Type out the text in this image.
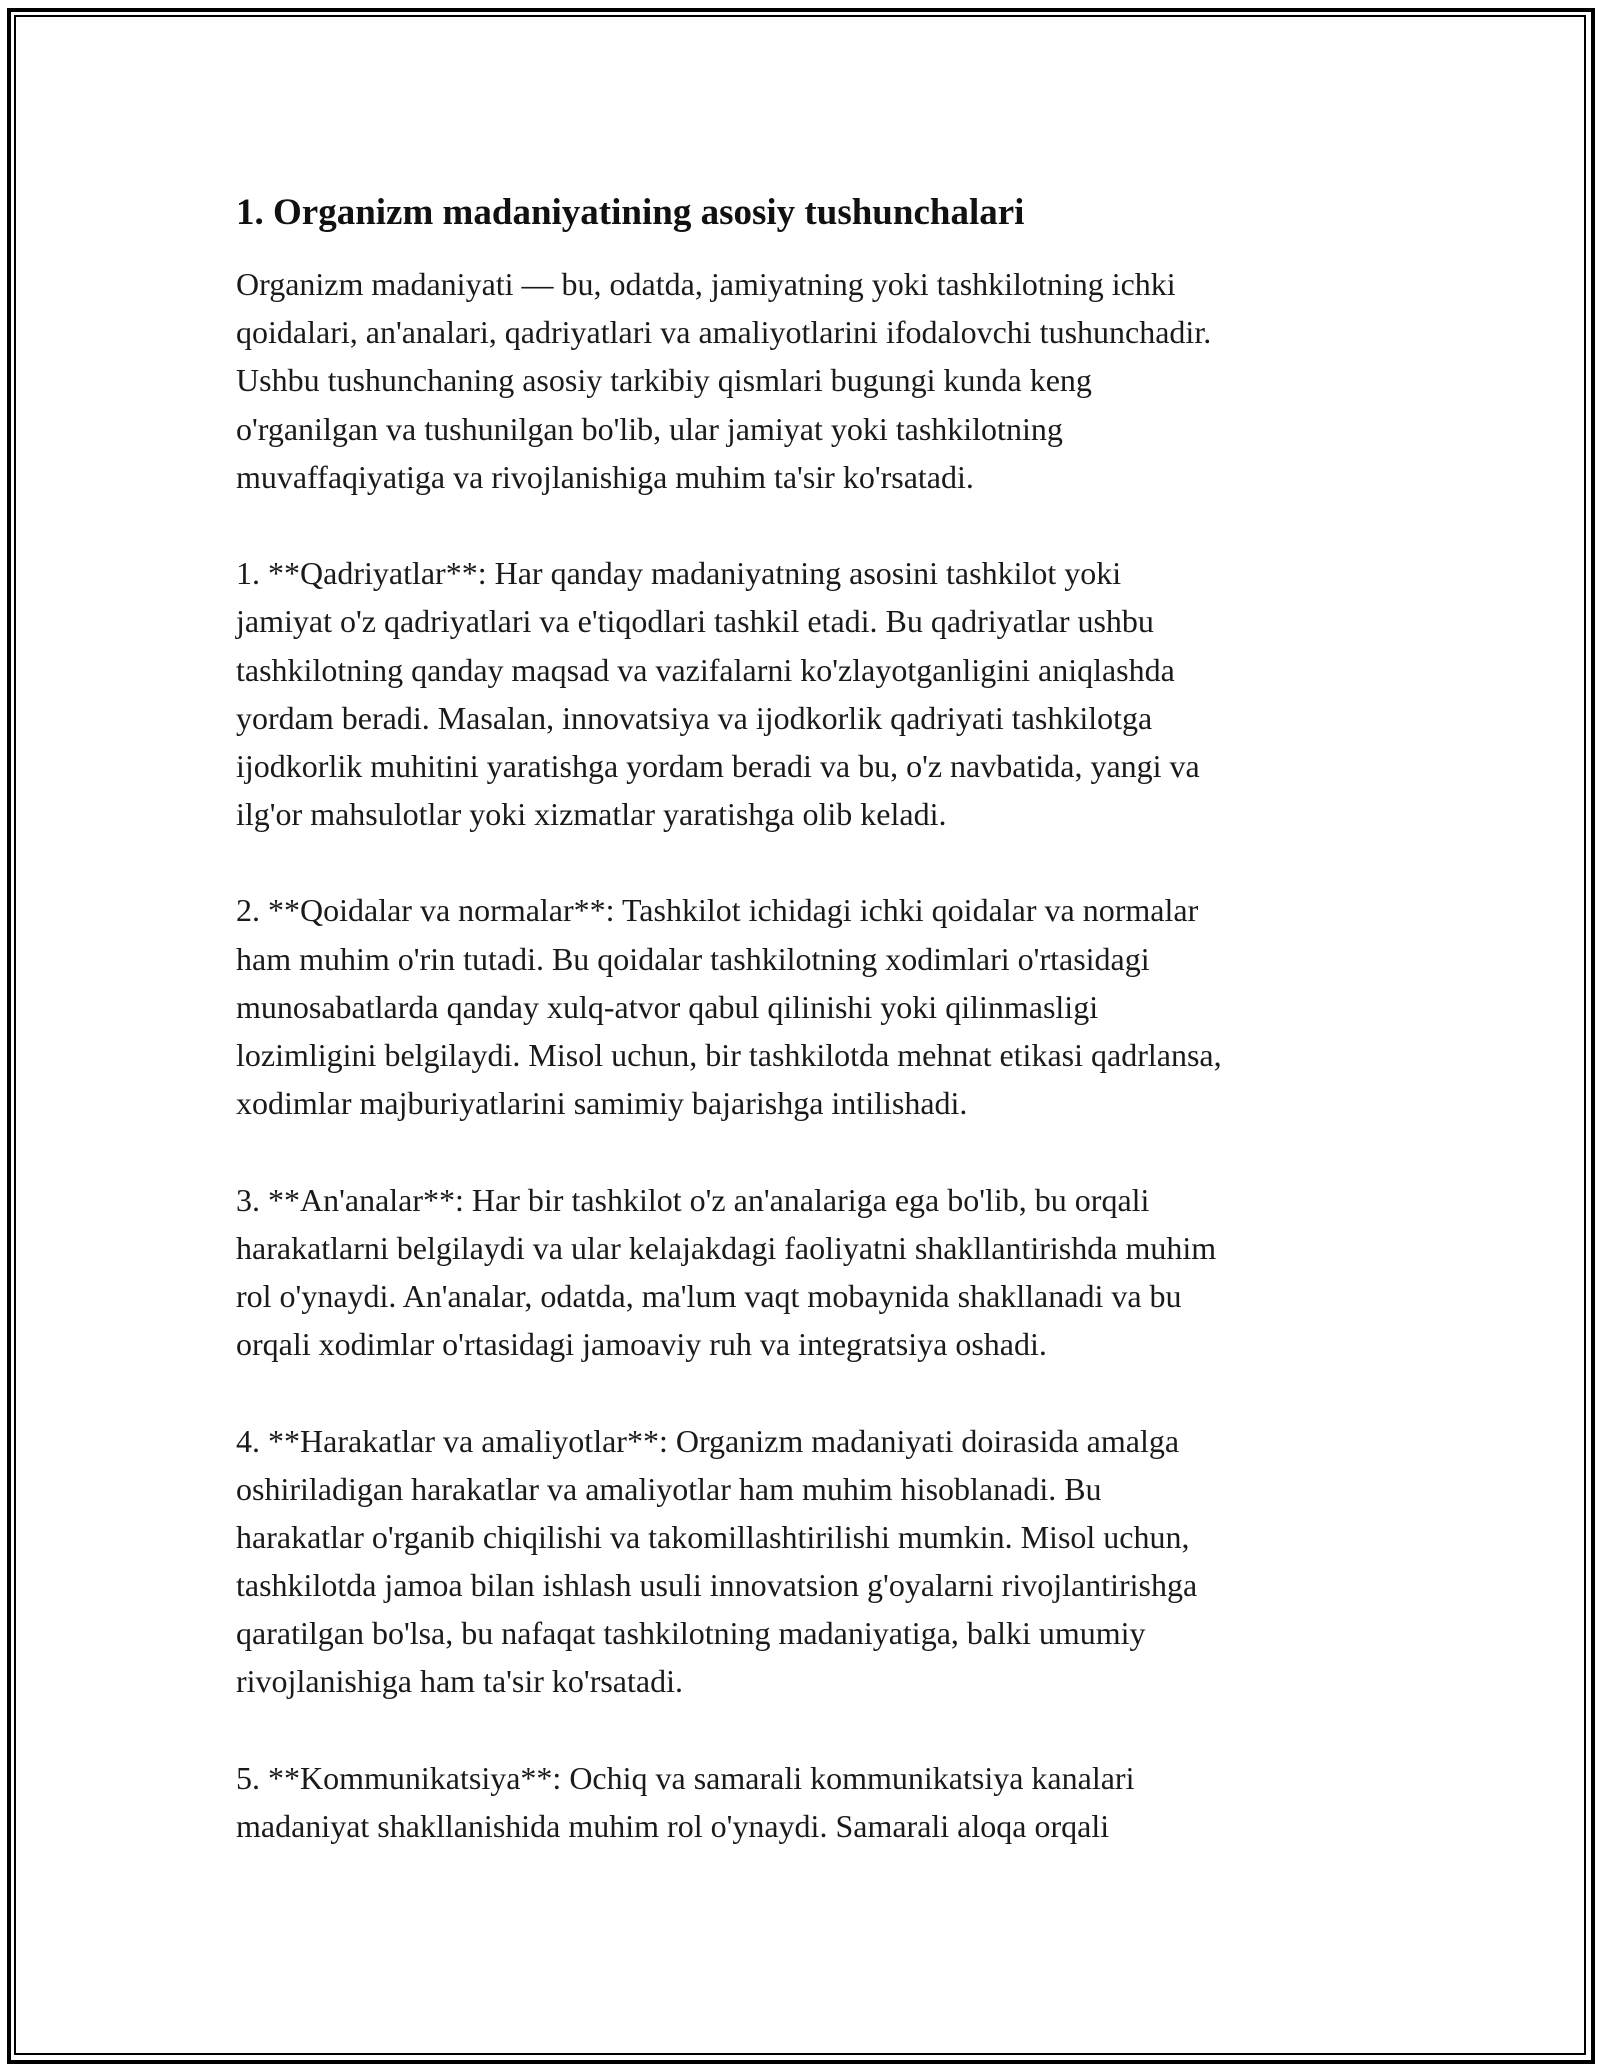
1. Organizm madaniyatining asosiy tushunchalari
Organizm madaniyati — bu, odatda, jamiyatning yoki tashkilotning ichki
qoidalari, an'analari, qadriyatlari va amaliyotlarini ifodalovchi tushunchadir.
Ushbu tushunchaning asosiy tarkibiy qismlari bugungi kunda keng
o'rganilgan va tushunilgan bo'lib, ular jamiyat yoki tashkilotning
muvaffaqiyatiga va rivojlanishiga muhim ta'sir ko'rsatadi.
1. **Qadriyatlar**: Har qanday madaniyatning asosini tashkilot yoki
jamiyat o'z qadriyatlari va e'tiqodlari tashkil etadi. Bu qadriyatlar ushbu
tashkilotning qanday maqsad va vazifalarni ko'zlayotganligini aniqlashda
yordam beradi. Masalan, innovatsiya va ijodkorlik qadriyati tashkilotga
ijodkorlik muhitini yaratishga yordam beradi va bu, o'z navbatida, yangi va
ilg'or mahsulotlar yoki xizmatlar yaratishga olib keladi.
2. **Qoidalar va normalar**: Tashkilot ichidagi ichki qoidalar va normalar
ham muhim o'rin tutadi. Bu qoidalar tashkilotning xodimlari o'rtasidagi
munosabatlarda qanday xulq-atvor qabul qilinishi yoki qilinmasligi
lozimligini belgilaydi. Misol uchun, bir tashkilotda mehnat etikasi qadrlansa,
xodimlar majburiyatlarini samimiy bajarishga intilishadi.
3. **An'analar**: Har bir tashkilot o'z an'analariga ega bo'lib, bu orqali
harakatlarni belgilaydi va ular kelajakdagi faoliyatni shakllantirishda muhim
rol o'ynaydi. An'analar, odatda, ma'lum vaqt mobaynida shakllanadi va bu
orqali xodimlar o'rtasidagi jamoaviy ruh va integratsiya oshadi.
4. **Harakatlar va amaliyotlar**: Organizm madaniyati doirasida amalga
oshiriladigan harakatlar va amaliyotlar ham muhim hisoblanadi. Bu
harakatlar o'rganib chiqilishi va takomillashtirilishi mumkin. Misol uchun,
tashkilotda jamoa bilan ishlash usuli innovatsion g'oyalarni rivojlantirishga
qaratilgan bo'lsa, bu nafaqat tashkilotning madaniyatiga, balki umumiy
rivojlanishiga ham ta'sir ko'rsatadi.
5. **Kommunikatsiya**: Ochiq va samarali kommunikatsiya kanalari
madaniyat shakllanishida muhim rol o'ynaydi. Samarali aloqa orqali
